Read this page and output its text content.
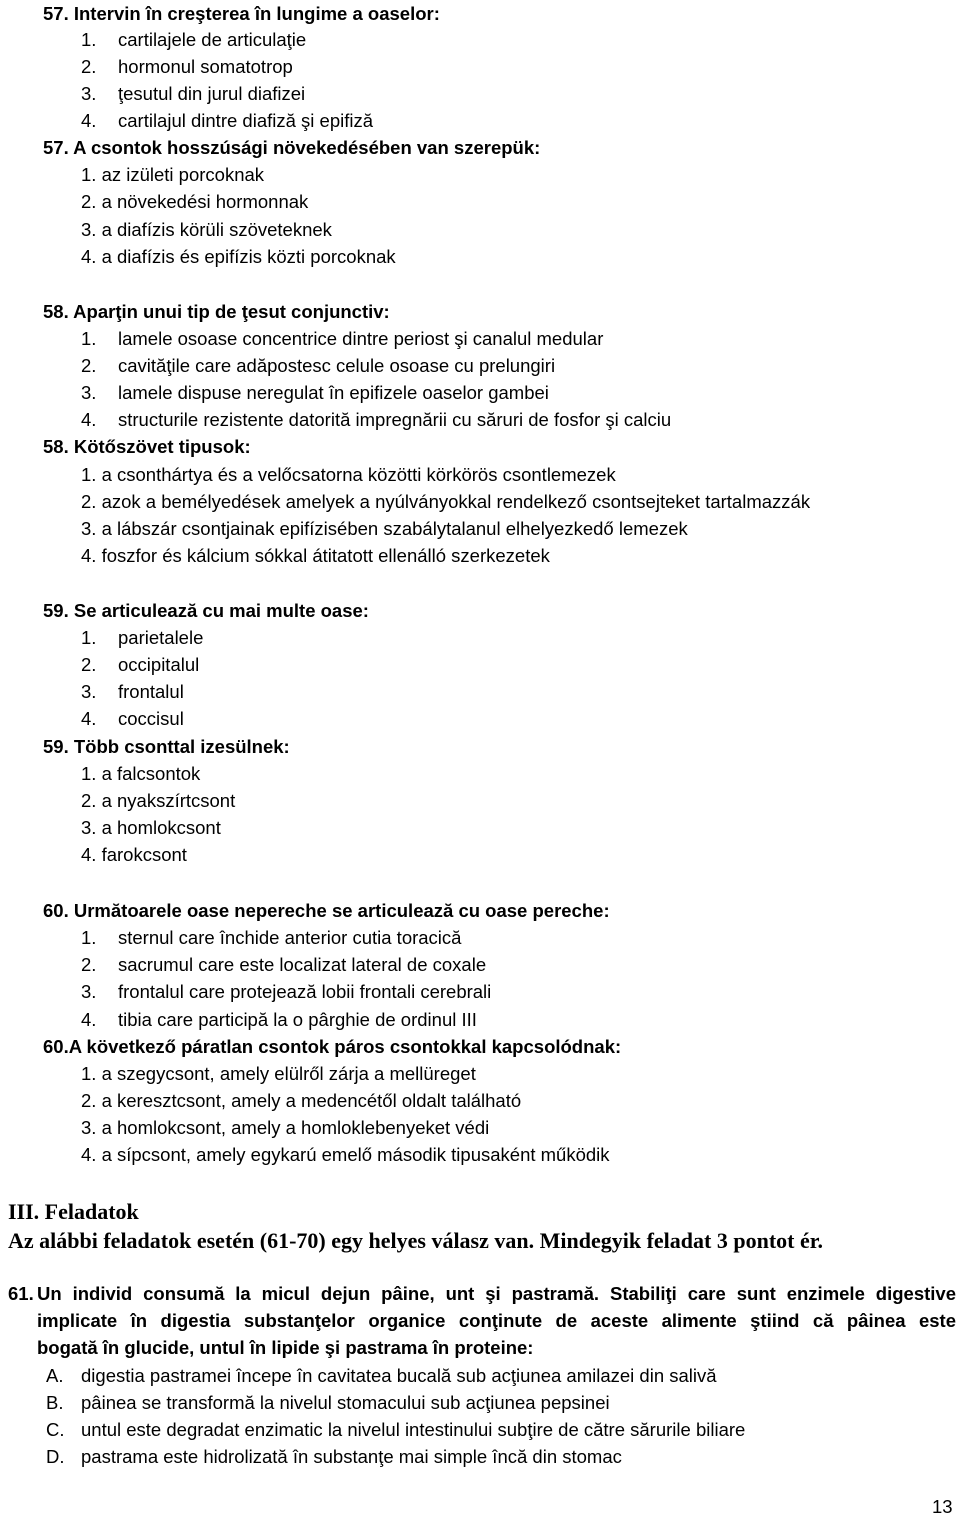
57. Intervin în creşterea în lungime a oaselor:
1. cartilajele de articulaţie
2. hormonul somatotrop
3. ţesutul din jurul diafizei
4. cartilajul dintre diafiză şi epifiză
57. A csontok hosszúsági növekedésében van szerepük:
1. az izületi porcoknak
2. a növekedési hormonnak
3. a diafízis körüli szöveteknek
4. a diafízis és epifízis közti porcoknak
58. Aparţin unui tip de ţesut conjunctiv:
1. lamele osoase concentrice dintre periost şi canalul medular
2. cavităţile care adăpostesc celule osoase cu prelungiri
3. lamele dispuse neregulat în epifizele oaselor gambei
4. structurile rezistente datorită impregnării cu săruri de fosfor şi calciu
58. Kötőszövet tipusok:
1. a csonthártya és a velőcsatorna közötti körkörös csontlemezek
2. azok a bemélyedések amelyek a nyúlványokkal rendelkező csontsejteket tartalmazzák
3. a lábszár csontjainak epifízisében szabálytalanul elhelyezkedő lemezek
4. foszfor és kálcium sókkal átitatott ellenálló szerkezetek
59. Se articulează cu mai multe oase:
1. parietalele
2. occipitalul
3. frontalul
4. coccisul
59. Több csonttal izesülnek:
1. a falcsontok
2. a nyakszírtcsont
3. a homlokcsont
4. farokcsont
60. Următoarele oase nepereche se articulează cu oase pereche:
1. sternul care închide anterior cutia toracică
2. sacrumul care este localizat lateral de coxale
3. frontalul care protejează lobii frontali cerebrali
4. tibia care participă la o pârghie de ordinul III
60.A következő páratlan csontok páros csontokkal kapcsolódnak:
1. a szegycsont, amely elülről zárja a mellüreget
2. a keresztcsont, amely a medencétől oldalt található
3. a homlokcsont, amely a homloklebenyeket védi
4. a sípcsont, amely egykarú emelő második tipusaként működik
III. Feladatok
Az alábbi feladatok esetén (61-70) egy helyes válasz van. Mindegyik feladat 3 pontot ér.
61. Un individ consumă la micul dejun pâine, unt şi pastramă. Stabiliţi care sunt enzimele digestive
implicate în digestia substanţelor organice conţinute de aceste alimente ştiind că pâinea este
bogată în glucide, untul în lipide şi pastrama în proteine:
A. digestia pastramei începe în cavitatea bucală sub acţiunea amilazei din salivă
B. pâinea se transformă la nivelul stomacului sub acţiunea pepsinei
C. untul este degradat enzimatic la nivelul intestinului subţire de către sărurile biliare
D. pastrama este hidrolizată în substanţe mai simple încă din stomac
13
